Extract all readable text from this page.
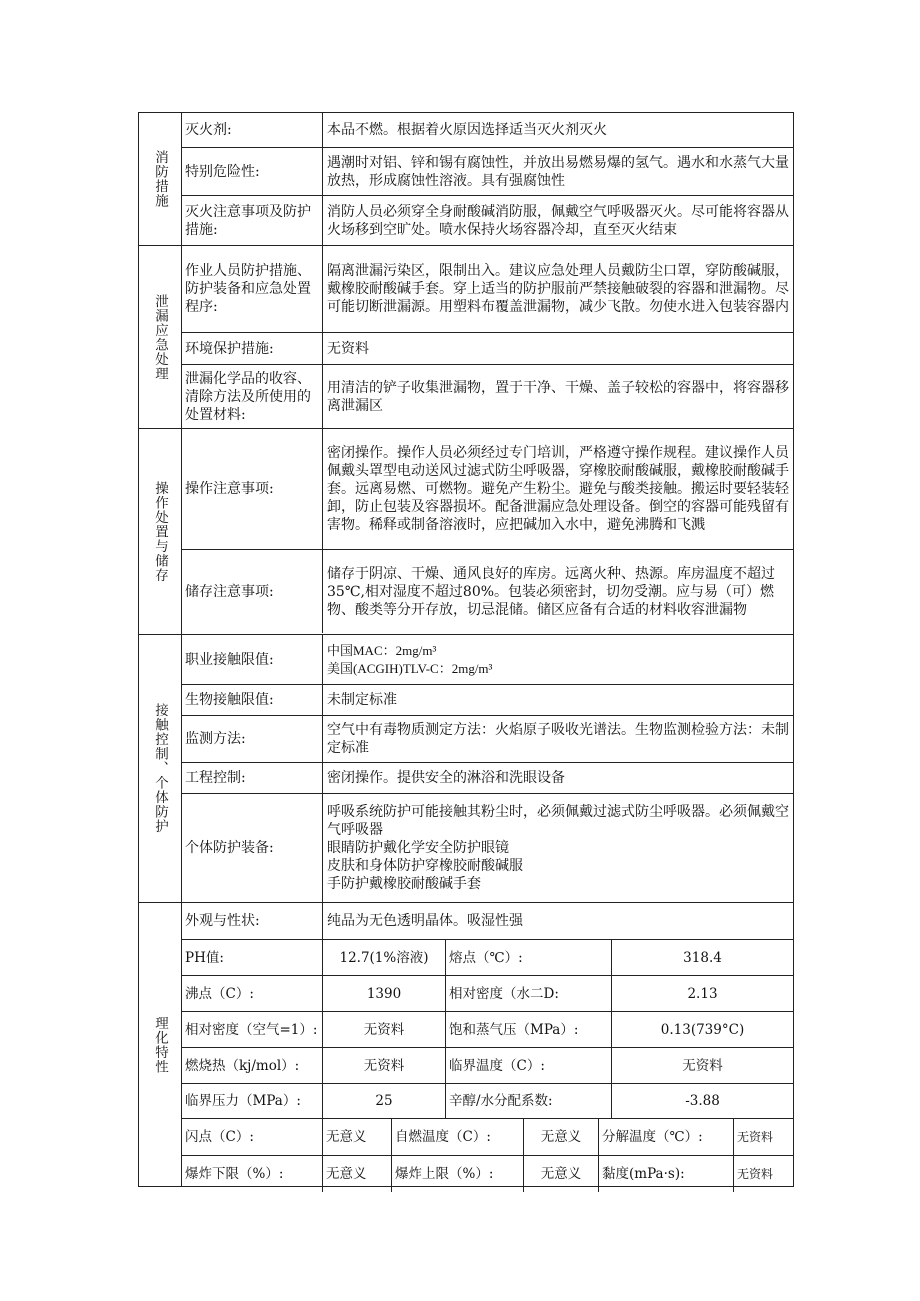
消防措施
灭火剂:	本品不燃。根据着火原因选择适当灭火剂灭火
特别危险性:
遇潮时对铝、锌和锡有腐蚀性，并放出易燃易爆的氢气。遇水和水蒸气大量放热，形成腐蚀性溶液。具有强腐蚀性
灭火注意事项及防护措施:
消防人员必须穿全身耐酸碱消防服，佩戴空气呼吸器灭火。尽可能将容器从火场移到空旷处。喷水保持火场容器冷却，直至灭火结束
泄漏应急处理
作业人员防护措施、防护装备和应急处置程序:
隔离泄漏污染区，限制出入。建议应急处理人员戴防尘口罩，穿防酸碱服，戴橡胶耐酸碱手套。穿上适当的防护服前严禁接触破裂的容器和泄漏物。尽可能切断泄漏源。用塑料布覆盖泄漏物，减少飞散。勿使水进入包装容器内
环境保护措施:	无资料
泄漏化学品的收容、清除方法及所使用的处置材料:
用清洁的铲子收集泄漏物，置于干净、干燥、盖子较松的容器中，将容器移离泄漏区
操作处置与储存 操作注意事项:
密闭操作。操作人员必须经过专门培训，严格遵守操作规程。建议操作人员佩戴头罩型电动送风过滤式防尘呼吸器，穿橡胶耐酸碱服，戴橡胶耐酸碱手套。远离易燃、可燃物。避免产生粉尘。避免与酸类接触。搬运时要轻装轻卸，防止包装及容器损坏。配备泄漏应急处理设备。倒空的容器可能残留有害物。稀释或制备溶液时，应把碱加入水中，避免沸腾和飞溅
储存注意事项:
储存于阴凉、干燥、通风良好的库房。远离火种、热源。库房温度不超过35℃,相对湿度不超过80%。包装必须密封，切勿受潮。应与易（可）燃物、酸类等分开存放，切忌混储。储区应备有合适的材料收容泄漏物
接触控制、个体防护
职业接触限值:
中国MAC：2mg/m³
美国(ACGIH)TLV-C：2mg/m³
生物接触限值:	未制定标准
监测方法:
空气中有毒物质测定方法：火焰原子吸收光谱法。生物监测检验方法：未制定标准
工程控制:	密闭操作。提供安全的淋浴和洗眼设备
个体防护装备:
呼吸系统防护可能接触其粉尘时，必须佩戴过滤式防尘呼吸器。必须佩戴空气呼吸器
眼睛防护戴化学安全防护眼镜
皮肤和身体防护穿橡胶耐酸碱服
手防护戴橡胶耐酸碱手套
理化特性
外观与性状:	纯品为无色透明晶体。吸湿性强
PH值:	12.7(1%溶液)	熔点（℃）:	318.4
沸点（C）:	1390	相对密度（水二D:	2.13
相对密度（空气=1）:	无资料	饱和蒸气压（MPa）:	0.13(739°C)
燃烧热（kj/mol）:	无资料	临界温度（C）:	无资料
临界压力（MPa）:	25	辛醇/水分配系数:	-3.88
闪点（C）:	无意义	自燃温度（C）:	无意义	分解温度（℃）:	无资料
爆炸下限（%）:	无意义	爆炸上限（%）:	无意义	黏度(mPa·s):	无资料
